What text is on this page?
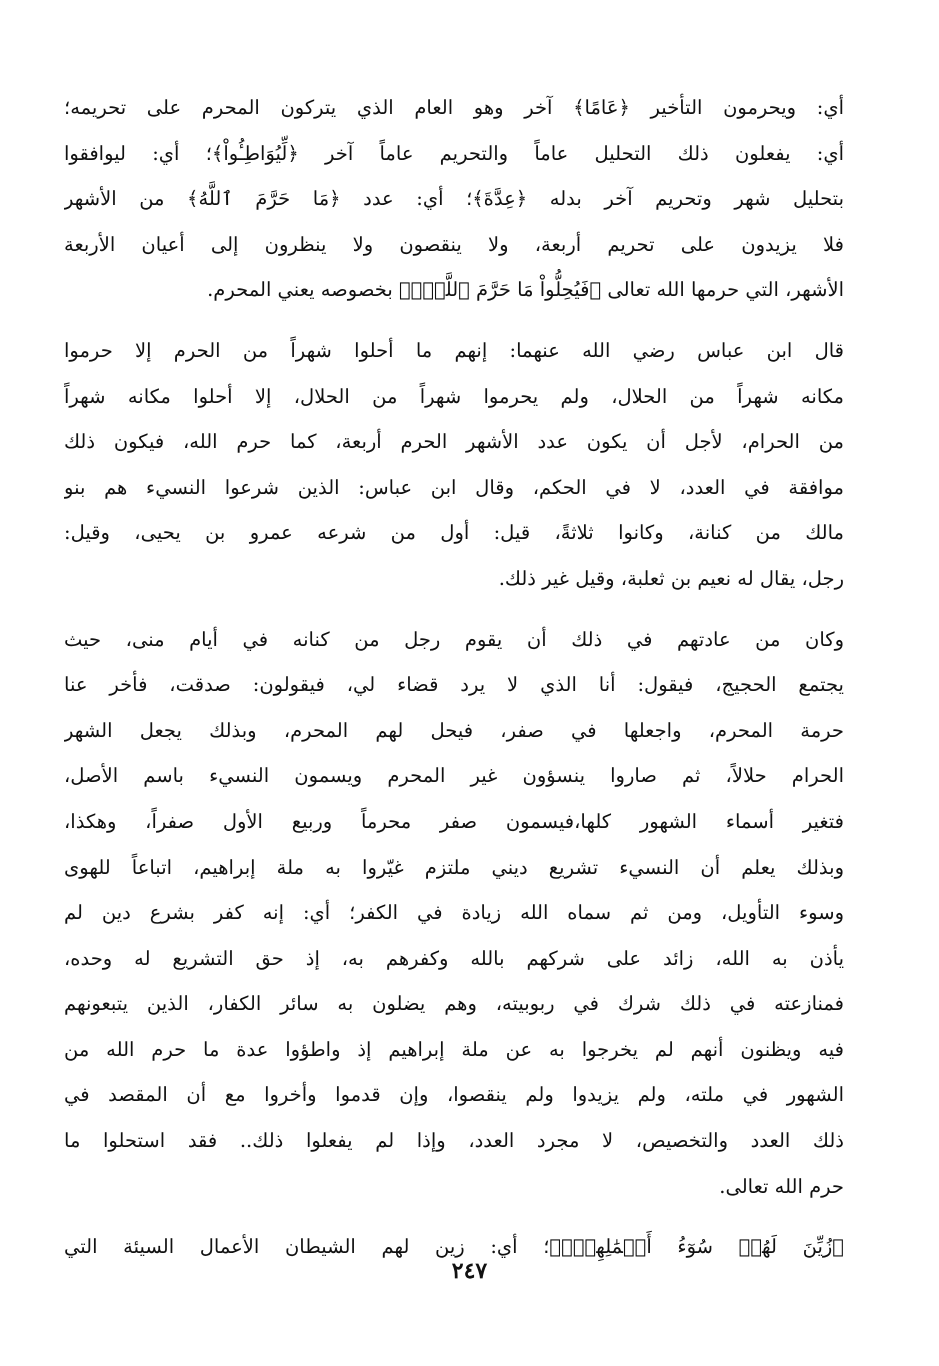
أي: ويحرمون التأخير ﴿عَامًا﴾ آخر وهو العام الذي يتركون المحرم على تحريمه؛
أي: يفعلون ذلك التحليل عاماً والتحريم عاماً آخر ﴿لِّيُوَاطِـُٔواْ﴾؛ أي: ليوافقوا
بتحليل شهر وتحريم آخر بدله ﴿عِدَّةَ﴾؛ أي: عدد ﴿مَا حَرَّمَ ٱللَّهُ﴾ من الأشهر
فلا يزيدون على تحريم أربعة، ولا ينقصون ولا ينظرون إلى أعيان الأربعة
الأشهر، التي حرمها الله تعالى ﴿فَيُحِلُّواْ مَا حَرَّمَ ٱللَّهُۚ﴾ بخصوصه يعني المحرم.
قال ابن عباس رضي الله عنهما: إنهم ما أحلوا شهراً من الحرم إلا حرموا
مكانه شهراً من الحلال، ولم يحرموا شهراً من الحلال، إلا أحلوا مكانه شهراً
من الحرام، لأجل أن يكون عدد الأشهر الحرم أربعة، كما حرم الله، فيكون ذلك
موافقة في العدد، لا في الحكم، وقال ابن عباس: الذين شرعوا النسيء هم بنو
مالك من كنانة، وكانوا ثلاثةً، قيل: أول من شرعه عمرو بن يحيى، وقيل:
رجل، يقال له نعيم بن ثعلبة، وقيل غير ذلك.
وكان من عادتهم في ذلك أن يقوم رجل من كنانه في أيام منى، حيث
يجتمع الحجيج، فيقول: أنا الذي لا يرد قضاء لي، فيقولون: صدقت، فأخر عنا
حرمة المحرم، واجعلها في صفر، فيحل لهم المحرم، وبذلك يجعل الشهر
الحرام حلالاً، ثم صاروا ينسؤون غير المحرم ويسمون النسيء باسم الأصل،
فتغير أسماء الشهور كلها،فيسمون صفر محرماً وربيع الأول صفراً، وهكذا،
وبذلك يعلم أن النسيء تشريع ديني ملتزم غيّروا به ملة إبراهيم، اتباعاً للهوى
وسوء التأويل، ومن ثم سماه الله زيادة في الكفر؛ أي: إنه كفر بشرع دين لم
يأذن به الله، زائد على شركهم بالله وكفرهم به، إذ حق التشريع له وحده،
فمنازعته في ذلك شرك في ربوبيته، وهم يضلون به سائر الكفار، الذين يتبعونهم
فيه ويظنون أنهم لم يخرجوا به عن ملة إبراهيم إذ واطؤوا عدة ما حرم الله من
الشهور في ملته، ولم يزيدوا ولم ينقصوا، وإن قدموا وأخروا مع أن المقصد في
ذلك العدد والتخصيص، لا مجرد العدد، وإذا لم يفعلوا ذلك.. فقد استحلوا ما
حرم الله تعالى.
﴿زُيِّنَ لَهُمۡ سُوٓءُ أَعۡمَٰلِهِمۡۗ﴾؛ أي: زين لهم الشيطان الأعمال السيئة التي
٢٤٧
